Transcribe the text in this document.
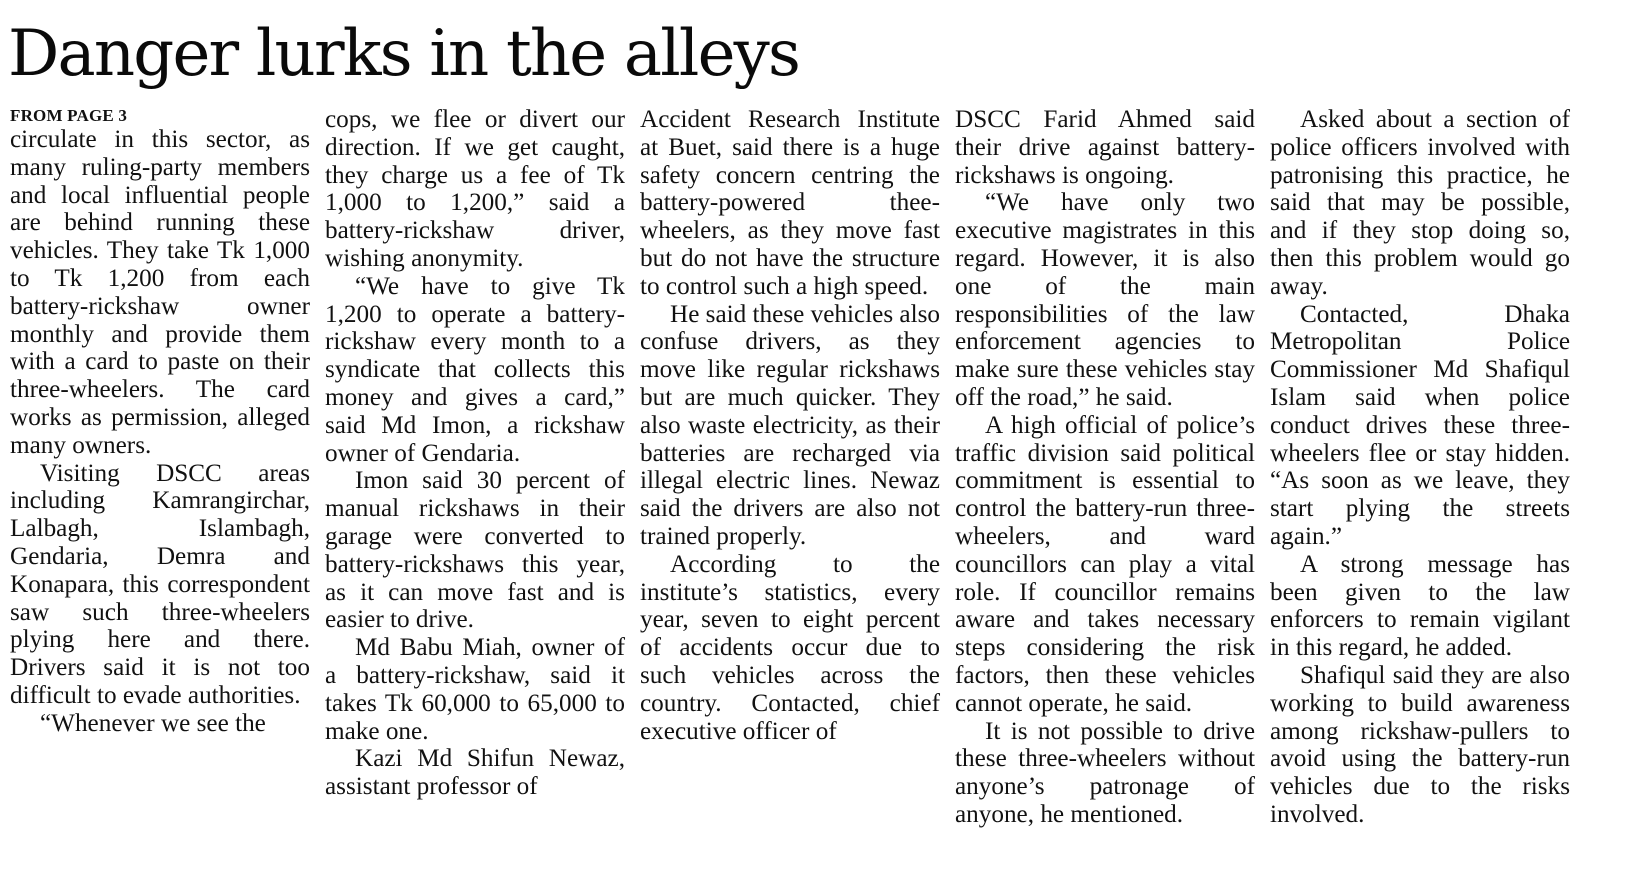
Danger lurks in the alleys
FROM PAGE 3

circulate in this sector, as many ruling-party members and local influential people are behind running these vehicles. They take Tk 1,000 to Tk 1,200 from each battery-rickshaw owner monthly and provide them with a card to paste on their three-wheelers. The card works as permission, alleged many owners.

Visiting DSCC areas including Kamrangirchar, Lalbagh, Islambagh, Gendaria, Demra and Konapara, this correspondent saw such three-wheelers plying here and there. Drivers said it is not too difficult to evade authorities.

“Whenever we see the

cops, we flee or divert our direction. If we get caught, they charge us a fee of Tk 1,000 to 1,200,” said a battery-rickshaw driver, wishing anonymity.

“We have to give Tk 1,200 to operate a battery-rickshaw every month to a syndicate that collects this money and gives a card,” said Md Imon, a rickshaw owner of Gendaria.

Imon said 30 percent of manual rickshaws in their garage were converted to battery-rickshaws this year, as it can move fast and is easier to drive.

Md Babu Miah, owner of a battery-rickshaw, said it takes Tk 60,000 to 65,000 to make one.

Kazi Md Shifun Newaz, assistant professor of

Accident Research Institute at Buet, said there is a huge safety concern centring the battery-powered thee-wheelers, as they move fast but do not have the structure to control such a high speed.

He said these vehicles also confuse drivers, as they move like regular rickshaws but are much quicker. They also waste electricity, as their batteries are recharged via illegal electric lines. Newaz said the drivers are also not trained properly.

According to the institute’s statistics, every year, seven to eight percent of accidents occur due to such vehicles across the country. Contacted, chief executive officer of

DSCC Farid Ahmed said their drive against battery-rickshaws is ongoing.

“We have only two executive magistrates in this regard. However, it is also one of the main responsibilities of the law enforcement agencies to make sure these vehicles stay off the road,” he said.

A high official of police’s traffic division said political commitment is essential to control the battery-run three-wheelers, and ward councillors can play a vital role. If councillor remains aware and takes necessary steps considering the risk factors, then these vehicles cannot operate, he said.

It is not possible to drive these three-wheelers without anyone’s patronage of anyone, he mentioned.

Asked about a section of police officers involved with patronising this practice, he said that may be possible, and if they stop doing so, then this problem would go away.

Contacted, Dhaka Metropolitan Police Commissioner Md Shafiqul Islam said when police conduct drives these three-wheelers flee or stay hidden. “As soon as we leave, they start plying the streets again.”

A strong message has been given to the law enforcers to remain vigilant in this regard, he added.

Shafiqul said they are also working to build awareness among rickshaw-pullers to avoid using the battery-run vehicles due to the risks involved.
